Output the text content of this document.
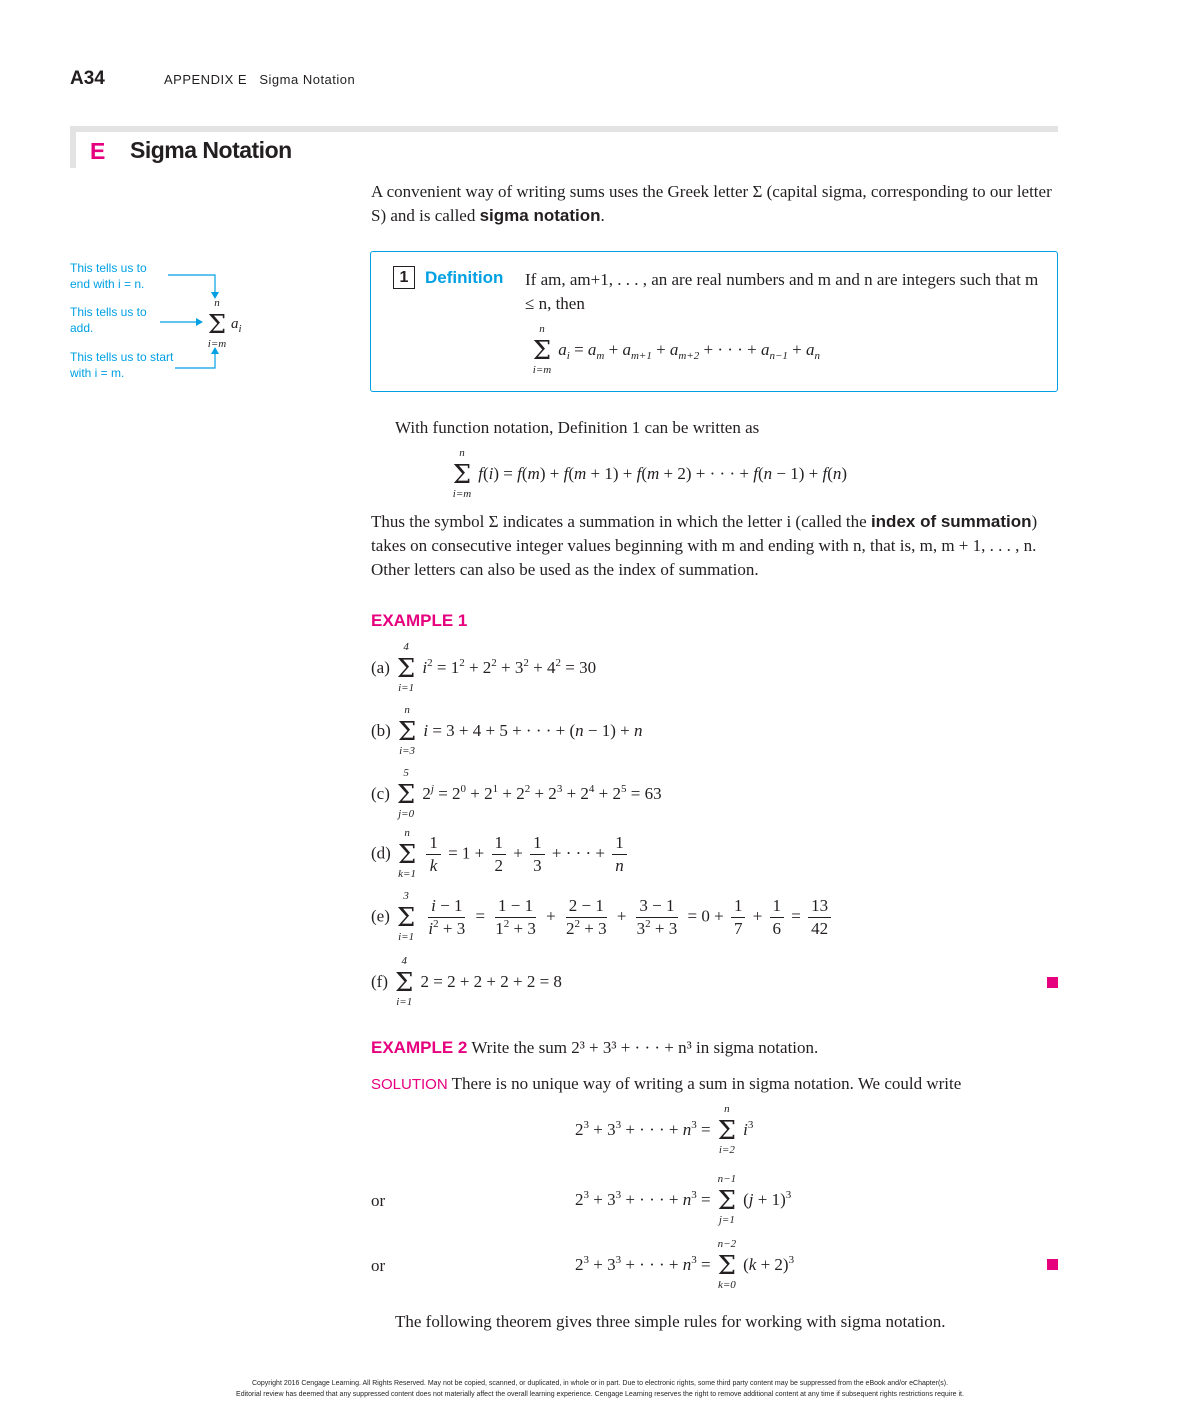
A34	APPENDIX E   Sigma Notation
E Sigma Notation
A convenient way of writing sums uses the Greek letter Σ (capital sigma, corresponding to our letter S) and is called sigma notation.
This tells us to end with i = n.
This tells us to add.
This tells us to start with i = m.
n
Σ
i=m
$a_i$
1 Definition If am, am+1, . . . , an are real numbers and m and n are integers such that m ≤ n, then
n
Σ
i=m
$a_i = a_m + a_{m+1} + a_{m+2}$ + · · · + $a_{n-1} + a_n$
With function notation, Definition 1 can be written as
n
Σ
i=m
f(i) = f(m) + f(m + 1) + f(m + 2) + · · · + f(n − 1) + f(n)
Thus the symbol Σ indicates a summation in which the letter i (called the index of summation) takes on consecutive integer values beginning with m and ending with n, that is, m, m + 1, . . . , n. Other letters can also be used as the index of summation.
EXAMPLE 1
(a)
4
Σ
i=1
$i^2 = 1^2 + 2^2 + 3^2 + 4^2 = 30$
(b)
n
Σ
i=3
i = 3 + 4 + 5 + · · · + (n − 1) + n
(c)
5
Σ
j=0
$2^j = 2^0 + 2^1 + 2^2 + 2^3 + 2^4 + 2^5 = 63$
(d)
n
Σ
k=1
$\frac{1}{k} = 1 + \frac{1}{2} + \frac{1}{3}$ + · · · + $\frac{1}{n}$
(e)
3
Σ
i=1
$\frac{i - 1}{i^2 + 3} = \frac{1 - 1}{1^2 + 3} + \frac{2 - 1}{2^2 + 3} + \frac{3 - 1}{3^2 + 3} = 0 + \frac{1}{7} + \frac{1}{6} = \frac{13}{42}$
(f)
4
Σ
i=1
2 = 2 + 2 + 2 + 2 = 8
EXAMPLE 2 Write the sum 2³ + 3³ + · · · + n³ in sigma notation.
SOLUTION There is no unique way of writing a sum in sigma notation. We could write
$2^3 + 3^3$ + · · · + $n^3$ =
n
Σ
i=2
$i^3$
or	$2^3 + 3^3$ + · · · + $n^3$ =
n−1
Σ
j=1
$(j + 1)^3$
or	$2^3 + 3^3$ + · · · + $n^3$ =
n−2
Σ
k=0
$(k + 2)^3$
The following theorem gives three simple rules for working with sigma notation.
Copyright 2016 Cengage Learning. All Rights Reserved. May not be copied, scanned, or duplicated, in whole or in part. Due to electronic rights, some third party content may be suppressed from the eBook and/or eChapter(s).
Editorial review has deemed that any suppressed content does not materially affect the overall learning experience. Cengage Learning reserves the right to remove additional content at any time if subsequent rights restrictions require it.
